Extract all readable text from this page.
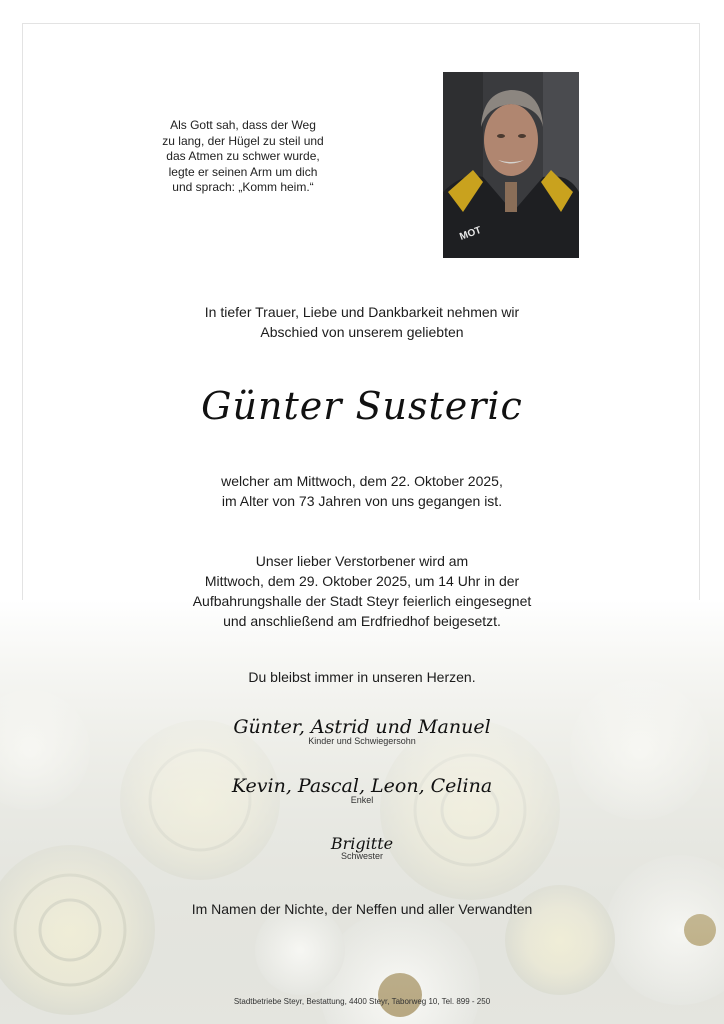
Als Gott sah, dass der Weg
zu lang, der Hügel zu steil und
das Atmen zu schwer wurde,
legte er seinen Arm um dich
und sprach: „Komm heim.“
MOT
In tiefer Trauer, Liebe und Dankbarkeit nehmen wir
Abschied von unserem geliebten
Günter Susteric
welcher am Mittwoch, dem 22. Oktober 2025,
im Alter von 73 Jahren von uns gegangen ist.
Unser lieber Verstorbener wird am
Mittwoch, dem 29. Oktober 2025, um 14 Uhr in der
Aufbahrungshalle der Stadt Steyr feierlich eingesegnet
und anschließend am Erdfriedhof beigesetzt.
Du bleibst immer in unseren Herzen.
Günter, Astrid und Manuel
Kinder und Schwiegersohn
Kevin, Pascal, Leon, Celina
Enkel
Brigitte
Schwester
Im Namen der Nichte, der Neffen und aller Verwandten
Stadtbetriebe Steyr, Bestattung, 4400 Steyr, Taborweg 10, Tel. 899 - 250
